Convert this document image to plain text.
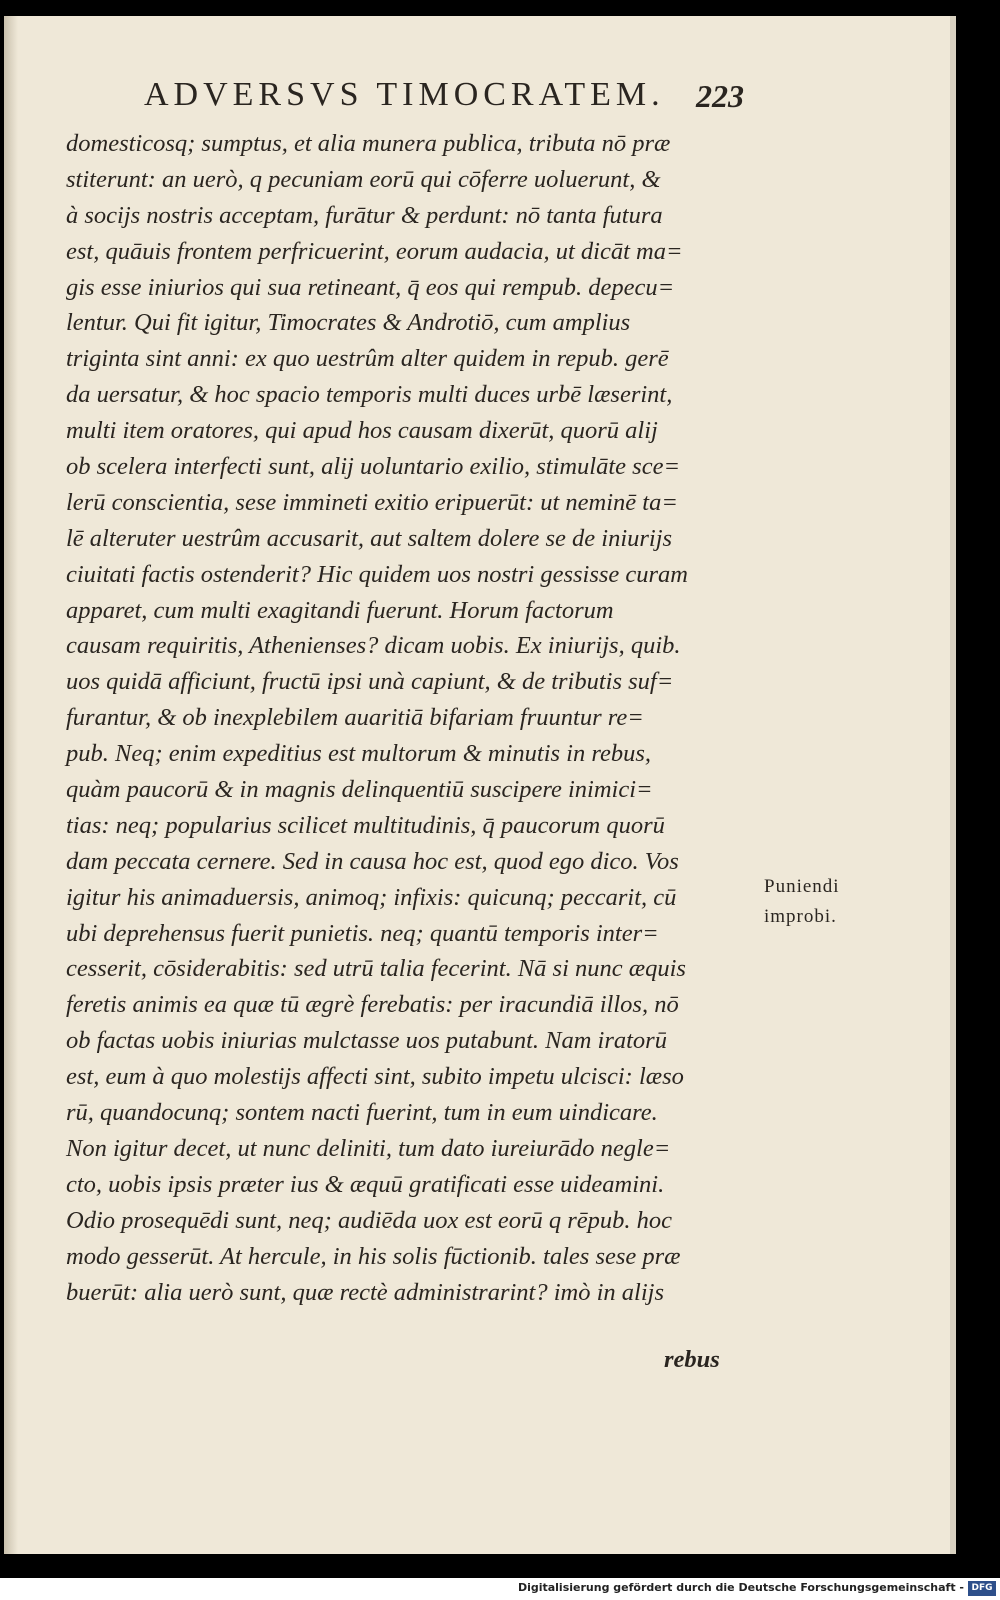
ADVERSVS TIMOCRATEM. 223
domesticosq; sumptus, et alia munera publica, tributa nō præ
stiterunt: an uerò, q pecuniam eorū qui cōferre uoluerunt, &
à socijs nostris acceptam, furātur & perdunt: nō tanta futura
est, quāuis frontem perfricuerint, eorum audacia, ut dicāt ma=
gis esse iniurios qui sua retineant, q̄ eos qui rempub. depecu=
lentur. Qui fit igitur, Timocrates & Androtiō, cum amplius
triginta sint anni: ex quo uestrûm alter quidem in repub. gerē
da uersatur, & hoc spacio temporis multi duces urbē læserint,
multi item oratores, qui apud hos causam dixerūt, quorū alij
ob scelera interfecti sunt, alij uoluntario exilio, stimulāte sce=
lerū conscientia, sese immineti exitio eripuerūt: ut neminē ta=
lē alteruter uestrûm accusarit, aut saltem dolere se de iniurijs
ciuitati factis ostenderit? Hic quidem uos nostri gessisse curam
apparet, cum multi exagitandi fuerunt. Horum factorum
causam requiritis, Athenienses? dicam uobis. Ex iniurijs, quib.
uos quidā afficiunt, fructū ipsi unà capiunt, & de tributis suf=
furantur, & ob inexplebilem auaritiā bifariam fruuntur re=
pub. Neq; enim expeditius est multorum & minutis in rebus,
quàm paucorū & in magnis delinquentiū suscipere inimici=
tias: neq; popularius scilicet multitudinis, q̄ paucorum quorū
dam peccata cernere. Sed in causa hoc est, quod ego dico. Vos
igitur his animaduersis, animoq; infixis: quicunq; peccarit, cū
ubi deprehensus fuerit punietis. neq; quantū temporis inter=
cesserit, cōsiderabitis: sed utrū talia fecerint. Nā si nunc æquis
feretis animis ea quæ tū ægrè ferebatis: per iracundiā illos, nō
ob factas uobis iniurias mulctasse uos putabunt. Nam iratorū
est, eum à quo molestijs affecti sint, subito impetu ulcisci: læso
rū, quandocunq; sontem nacti fuerint, tum in eum uindicare.
Non igitur decet, ut nunc deliniti, tum dato iureiurādo negle=
cto, uobis ipsis præter ius & æquū gratificati esse uideamini.
Odio prosequēdi sunt, neq; audiēda uox est eorū q rēpub. hoc
modo gesserūt. At hercule, in his solis fūctionib. tales sese præ
buerūt: alia uerò sunt, quæ rectè administrarint? imò in alijs
rebus
Puniendi
improbi.
Digitalisierung gefördert durch die Deutsche Forschungsgemeinschaft - DFG
